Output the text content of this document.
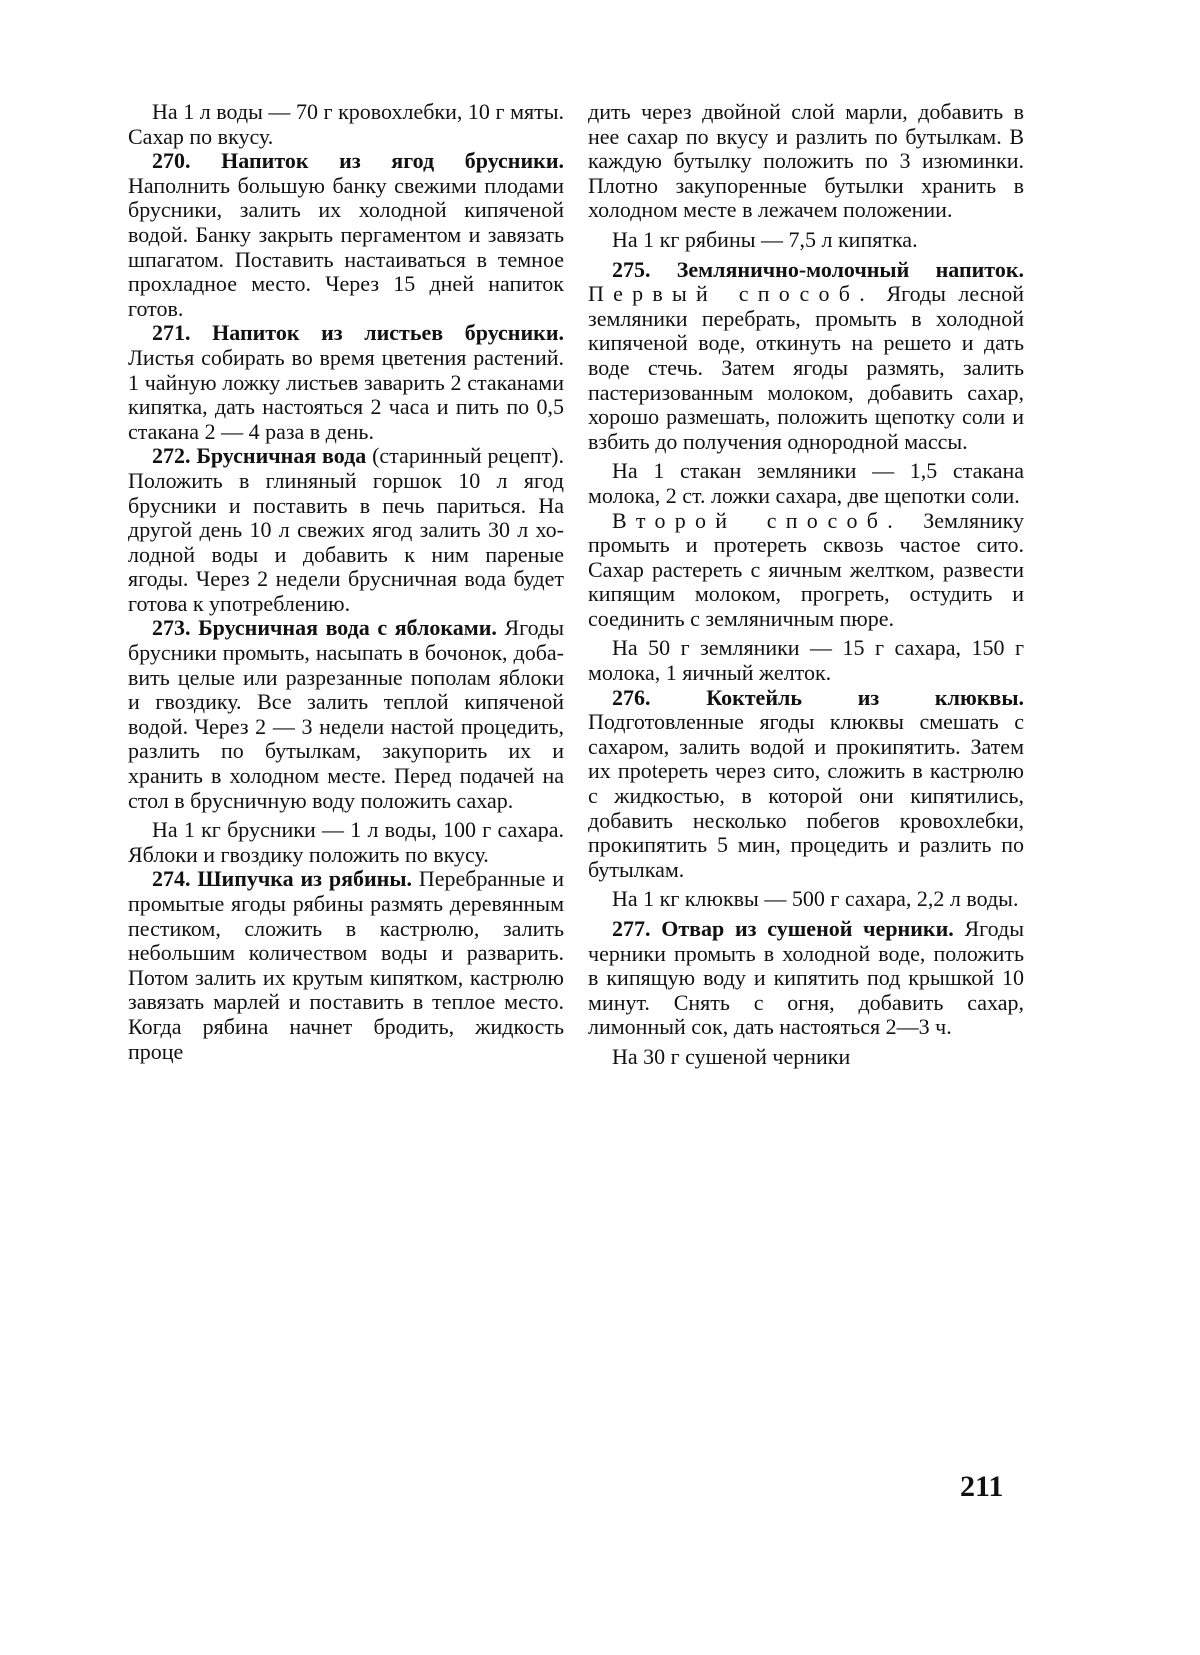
На 1 л воды — 70 г кровохлебки, 10 г мяты. Сахар по вкусу.

270. Напиток из ягод брусники. Наполнить большую банку свежими плодами брусники, залить их холодной кипяченой водой. Банку закрыть пергаментом и завязать шпагатом. Поставить настаиваться в темное прохладное место. Через 15 дней напиток готов.

271. Напиток из листьев брусники. Листья собирать во время цветения растений. 1 чайную ложку листьев заварить 2 стаканами кипятка, дать настояться 2 часа и пить по 0,5 стакана 2 — 4 раза в день.

272. Брусничная вода (старинный рецепт). Положить в глиняный горшок 10 л ягод брусники и поставить в печь париться. На другой день 10 л свежих ягод залить 30 л холодной воды и добавить к ним пареные ягоды. Через 2 недели брусничная вода будет готова к употреблению.

273. Брусничная вода с яблоками. Ягоды брусники промыть, насыпать в бочонок, добавить целые или разрезанные пополам яблоки и гвоздику. Все залить теплой кипяченой водой. Через 2 — 3 недели настой процедить, разлить по бутылкам, закупорить их и хранить в холодном месте. Перед подачей на стол в брусничную воду положить сахар.

На 1 кг брусники — 1 л воды, 100 г сахара. Яблоки и гвоздику положить по вкусу.

274. Шипучка из рябины. Перебранные и промытые ягоды рябины размять деревянным пестиком, сложить в кастрюлю, залить небольшим количеством воды и разварить. Потом залить их крутым кипятком, кастрюлю завязать марлей и поставить в теплое место. Когда рябина начнет бродить, жидкость проце

дить через двойной слой марли, добавить в нее сахар по вкусу и разлить по бутылкам. В каждую бутылку положить по 3 изюминки. Плотно закупоренные бутылки хранить в холодном месте в лежачем положении.

На 1 кг рябины — 7,5 л кипятка.

275. Землянично-молочный напиток. Первый способ. Ягоды лесной земляники перебрать, промыть в холодной кипяченой воде, откинуть на решето и дать воде стечь. Затем ягоды размять, залить пастеризованным молоком, добавить сахар, хорошо размешать, положить щепотку соли и взбить до получения однородной массы.

На 1 стакан земляники — 1,5 стакана молока, 2 ст. ложки сахара, две щепотки соли.

Второй способ. Землянику промыть и протереть сквозь частое сито. Сахар растереть с яичным желтком, развести кипящим молоком, прогреть, остудить и соединить с земляничным пюре.

На 50 г земляники — 15 г сахара, 150 г молока, 1 яичный желток.

276.	Коктейль из клюквы. Подготовленные ягоды клюквы смешать с сахаром, залить водой и прокипятить. Затем их прoteреть через сито, сложить в кастрюлю с жидкостью, в которой они кипятились, добавить несколько побегов кровохлебки, прокипятить 5 мин, процедить и разлить по бутылкам.

На 1 кг клюквы — 500 г сахара, 2,2 л воды.

277. Отвар из сушеной черники. Ягоды черники промыть в холодной воде, положить в кипящую воду и кипятить под крышкой 10 минут. Снять с огня, добавить сахар, лимонный сок, дать настояться 2—3 ч.

На 30 г сушеной черники

211
